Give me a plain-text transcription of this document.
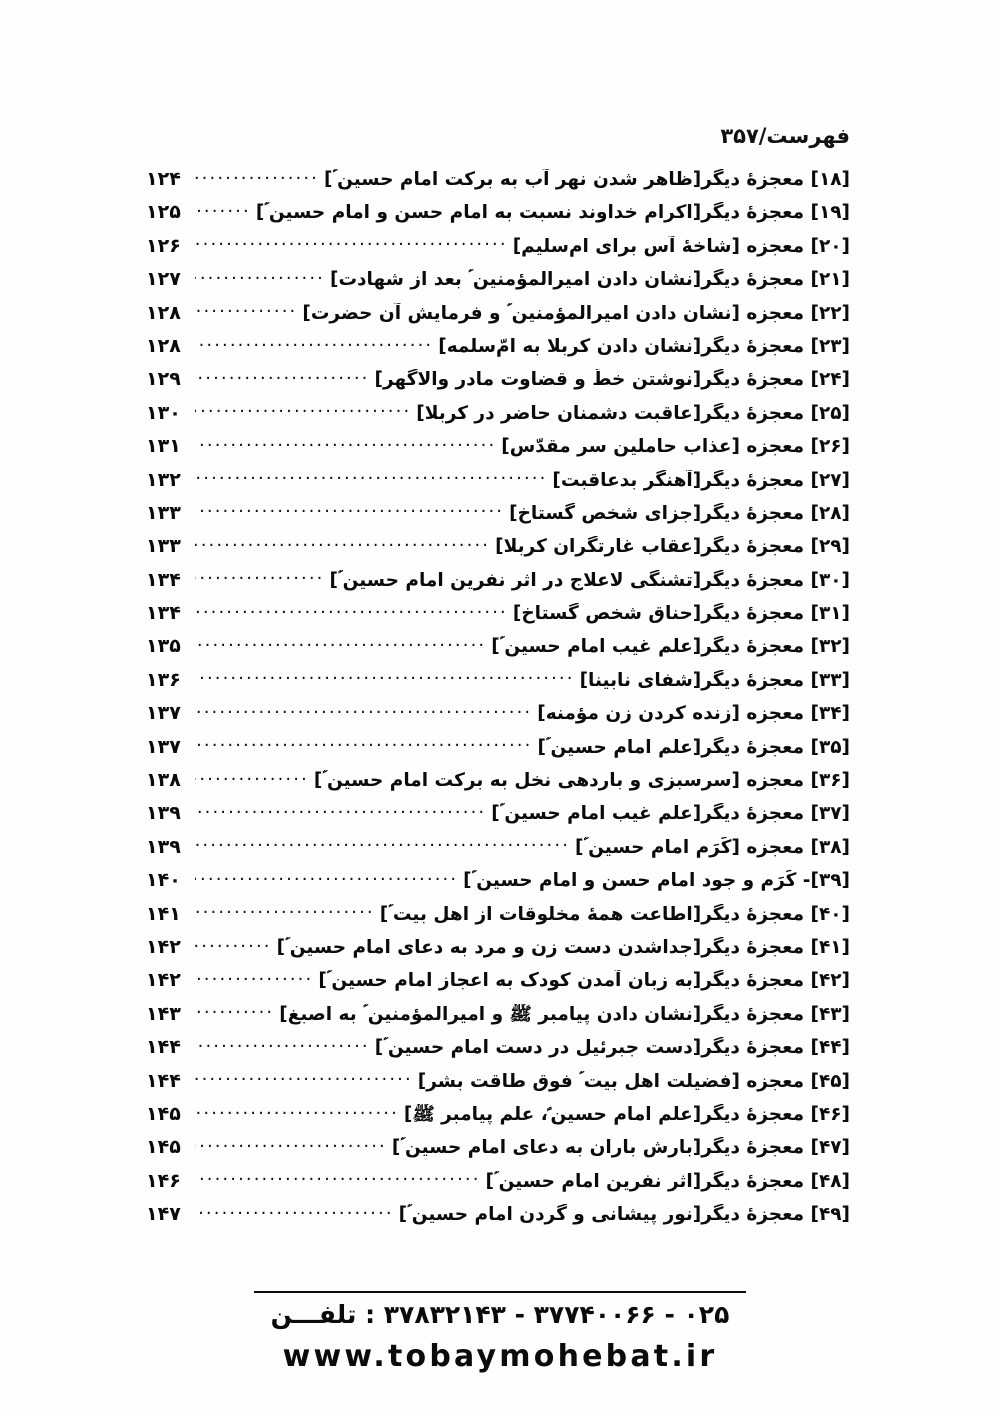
فهرست/۳۵۷
[۱۸] معجزۀ دیگر[ظاهر شدن نهر آب به برکت امام حسین ؑ]
.....
۱۲۴
[۱۹] معجزۀ دیگر[اکرام خداوند نسبت به امام حسن و امام حسین ؑ]
.....
۱۲۵
[۲۰] معجزه [شاخۀ آس برای ام‌سلیم]
.....
۱۲۶
[۲۱] معجزۀ دیگر[نشان دادن امیرالمؤمنین ؑ بعد از شهادت]
.....
۱۲۷
[۲۲] معجزه [نشان دادن امیرالمؤمنین ؑ و فرمایش آن حضرت]
.....
۱۲۸
[۲۳] معجزۀ دیگر[نشان دادن کربلا به امّ‌سلمه]
.....
۱۲۸
[۲۴] معجزۀ دیگر[نوشتن خطّ و قضاوت مادر والاگهر]
.....
۱۲۹
[۲۵] معجزۀ دیگر[عاقبت دشمنان حاضر در کربلا]
.....
۱۳۰
[۲۶] معجزه [عذاب حاملین سر مقدّس]
.....
۱۳۱
[۲۷] معجزۀ دیگر[آهنگر بدعاقبت]
.....
۱۳۲
[۲۸] معجزۀ دیگر[جزای شخص گستاخ]
.....
۱۳۳
[۲۹] معجزۀ دیگر[عقاب غارتگران کربلا]
.....
۱۳۳
[۳۰] معجزۀ دیگر[تشنگی لاعلاج در اثر نفرین امام حسین ؑ]
.....
۱۳۴
[۳۱] معجزۀ دیگر[حناق شخص گستاخ]
.....
۱۳۴
[۳۲] معجزۀ دیگر[علم غیب امام حسین ؑ]
.....
۱۳۵
[۳۳] معجزۀ دیگر[شفای نابینا]
.....
۱۳۶
[۳۴] معجزه [زنده کردن زن مؤمنه]
.....
۱۳۷
[۳۵] معجزۀ دیگر[علم امام حسین ؑ]
.....
۱۳۷
[۳۶] معجزه [سرسبزی و باردهی نخل به برکت امام حسین ؑ]
.....
۱۳۸
[۳۷] معجزۀ دیگر[علم غیب امام حسین ؑ]
.....
۱۳۹
[۳۸] معجزه [کَرَم امام حسین ؑ]
.....
۱۳۹
[۳۹]- کَرَم و جود امام حسن و امام حسین ؑ]
.....
۱۴۰
[۴۰] معجزۀ دیگر[اطاعت همۀ مخلوقات از اهل بیت ؑ]
.....
۱۴۱
[۴۱] معجزۀ دیگر[جداشدن دست زن و مرد به دعای امام حسین ؑ]
.....
۱۴۲
[۴۲] معجزۀ دیگر[به زبان آمدن کودک به اعجاز امام حسین ؑ]
.....
۱۴۲
[۴۳] معجزۀ دیگر[نشان دادن پیامبر ﷺ و امیرالمؤمنین ؑ به اصبغ]
.....
۱۴۳
[۴۴] معجزۀ دیگر[دست جبرئیل در دست امام حسین ؑ]
.....
۱۴۴
[۴۵] معجزه [فضیلت اهل بیت ؑ فوق طاقت بشر]
.....
۱۴۴
[۴۶] معجزۀ دیگر[علم امام حسین ؑ، علم پیامبر ﷺ]
.....
۱۴۵
[۴۷] معجزۀ دیگر[بارش باران به دعای امام حسین ؑ]
.....
۱۴۵
[۴۸] معجزۀ دیگر[اثر نفرین امام حسین ؑ]
.....
۱۴۶
[۴۹] معجزۀ دیگر[نور پیشانی و گردن امام حسین ؑ]
.....
۱۴۷
۰۲۵ - ۳۷۷۴۰۰۶۶ - ۳۷۸۳۲۱۴۳ : تلفـــن
www.tobaymohebat.ir
